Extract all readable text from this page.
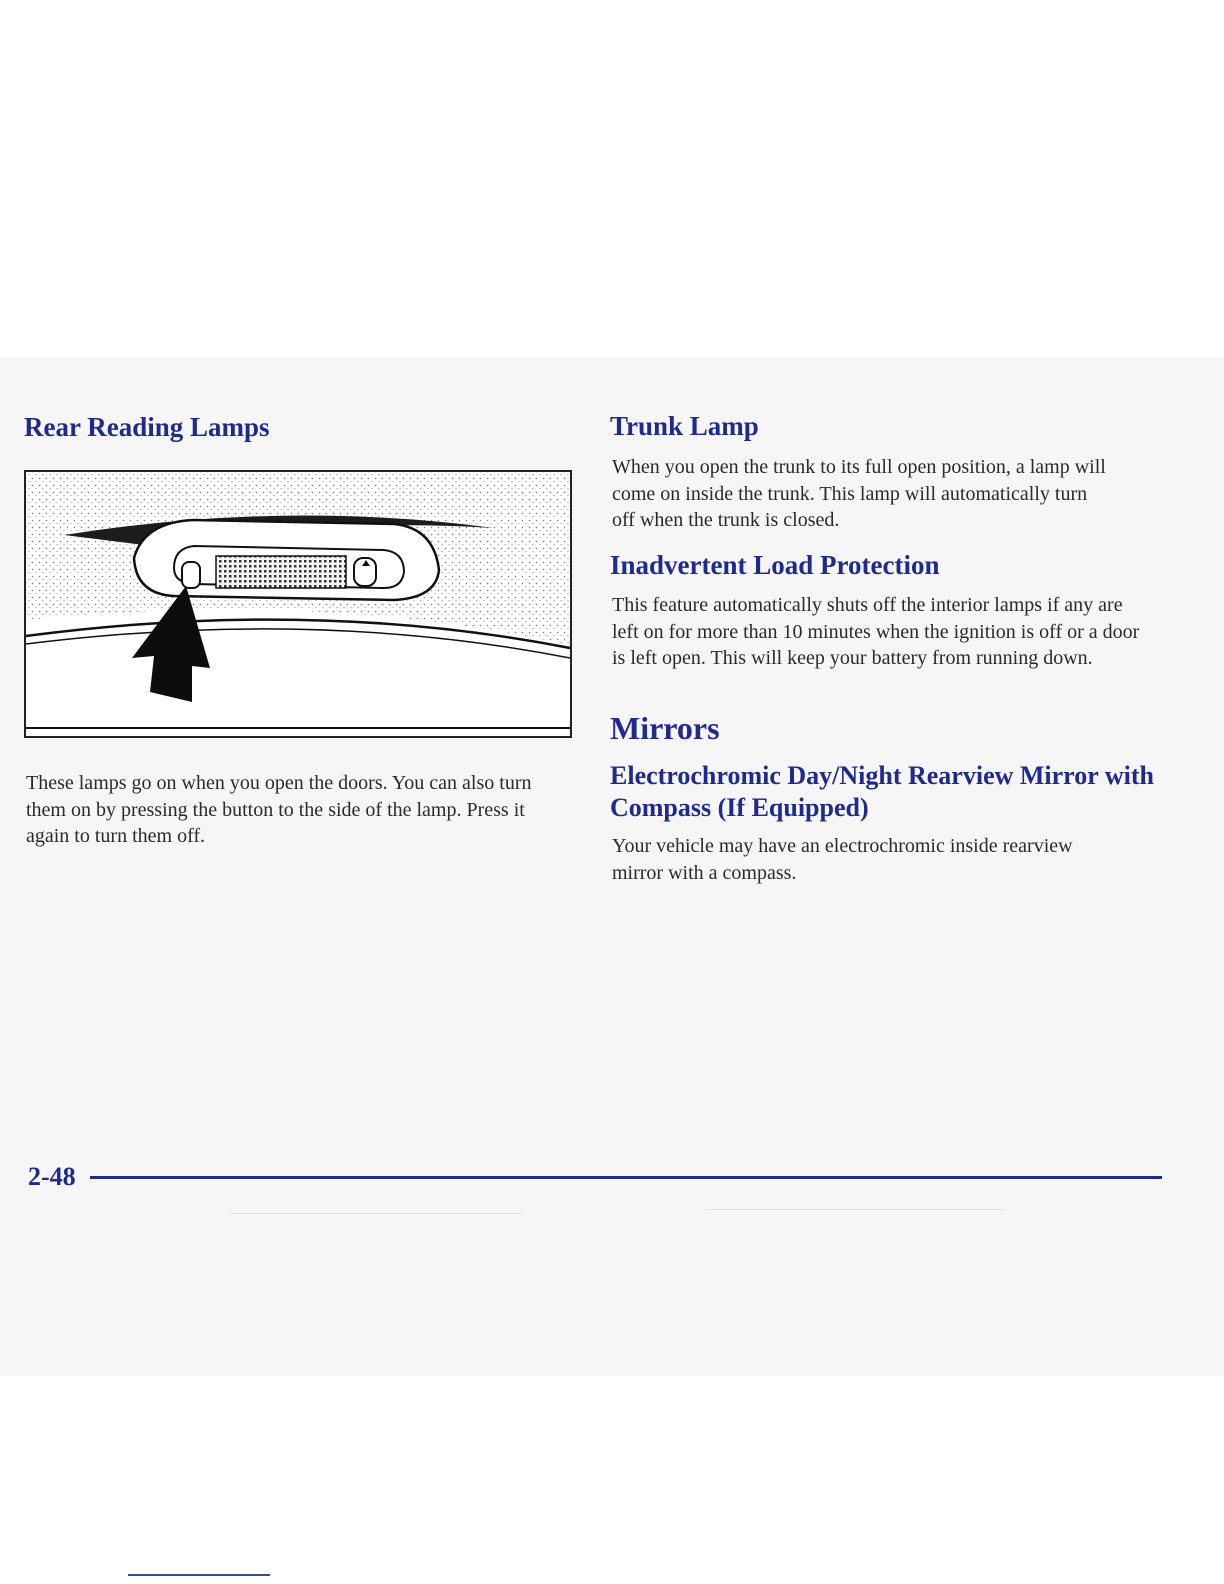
Rear Reading Lamps

These lamps go on when you open the doors. You can also turn them on by pressing the button to the side of the lamp. Press it again to turn them off.

Trunk Lamp

When you open the trunk to its full open position, a lamp will come on inside the trunk. This lamp will automatically turn off when the trunk is closed.

Inadvertent Load Protection

This feature automatically shuts off the interior lamps if any are left on for more than 10 minutes when the ignition is off or a door is left open. This will keep your battery from running down.

Mirrors
Electrochromic Day/Night Rearview Mirror with Compass (If Equipped)

Your vehicle may have an electrochromic inside rearview mirror with a compass.

2-48
